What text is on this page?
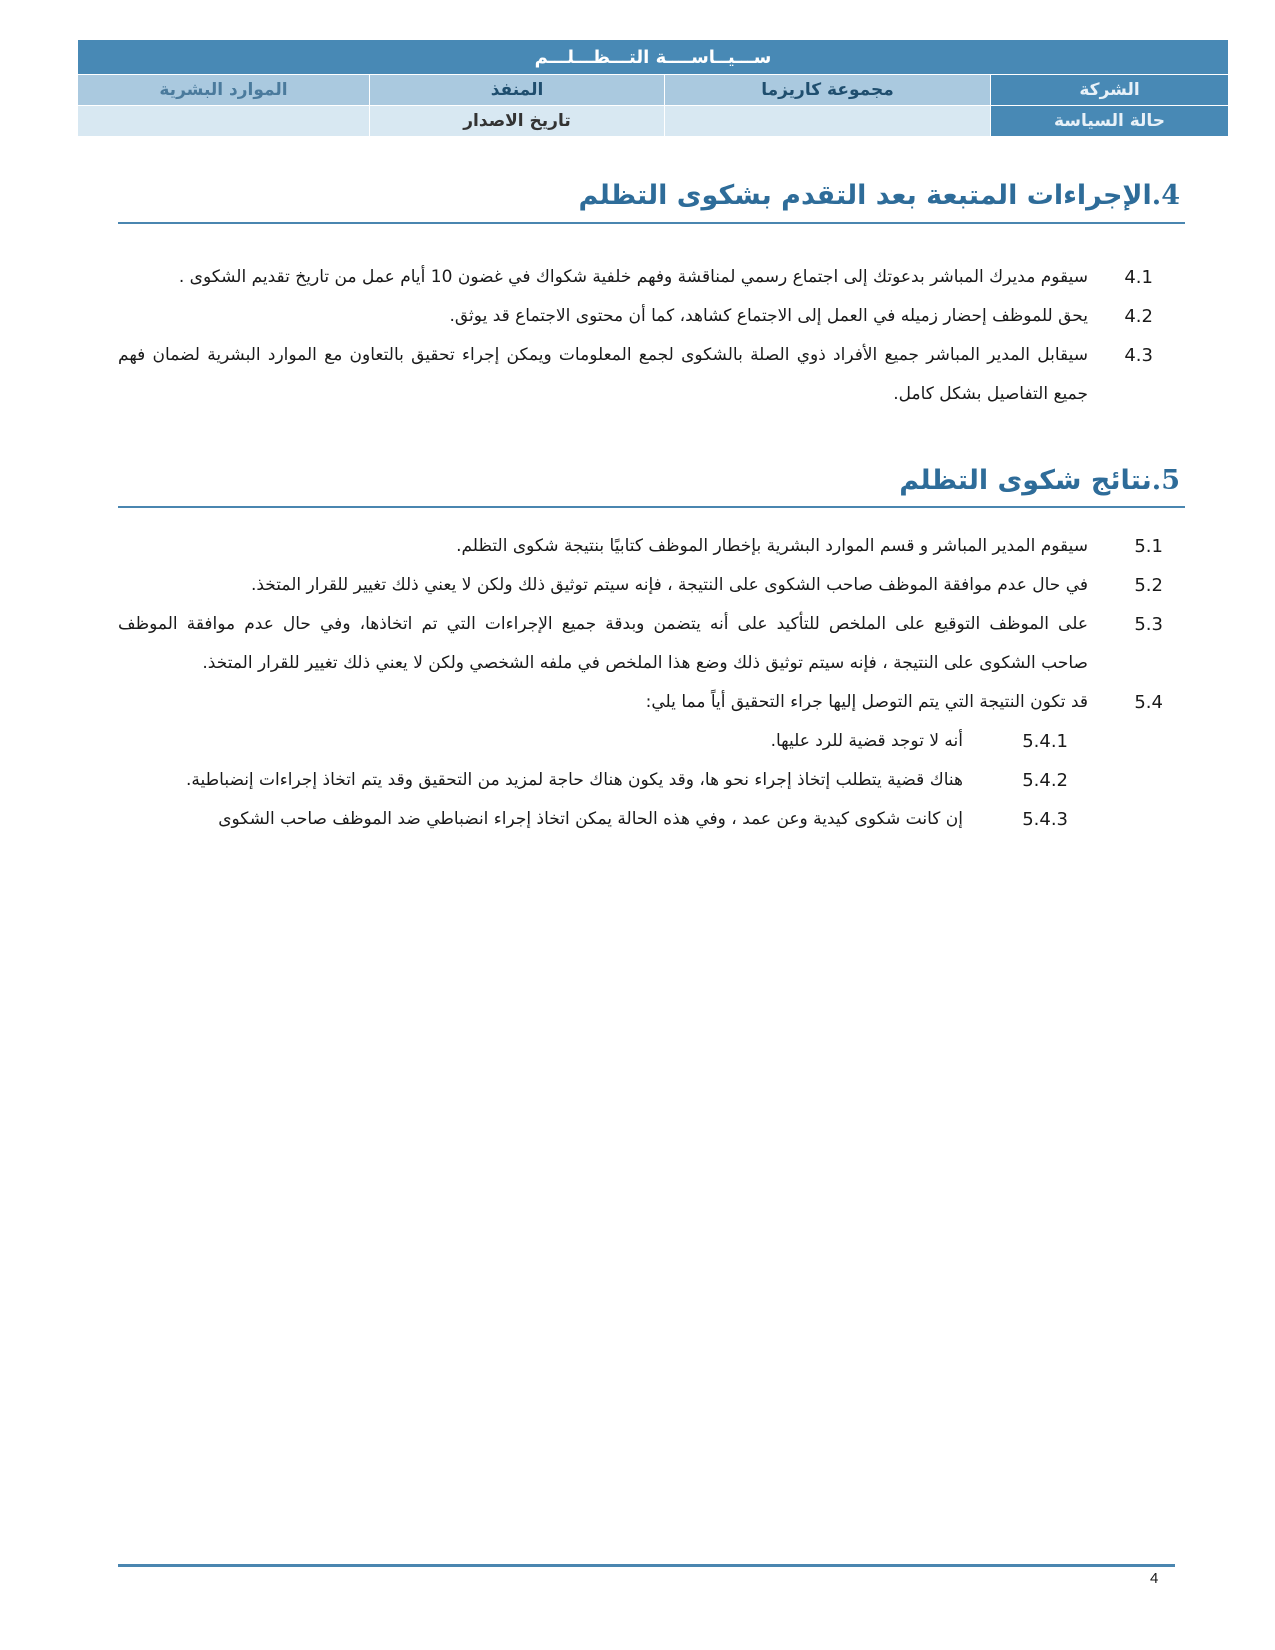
ســـيــاســــة التـــظـــلـــم			
الموارد البشرية	المنفذ	مجموعة كاريزما	الشركة
	تاريخ الاصدار		حالة السياسة
4.الإجراءات المتبعة بعد التقدم بشكوى التظلم
4.1
سيقوم مديرك المباشر بدعوتك إلى اجتماع رسمي لمناقشة وفهم خلفية شكواك في غضون 10 أيام عمل من تاريخ تقديم الشكوى .
4.2
يحق للموظف إحضار زميله في العمل إلى الاجتماع كشاهد، كما أن محتوى الاجتماع قد يوثق.
4.3
سيقابل المدير المباشر جميع الأفراد ذوي الصلة بالشكوى لجمع المعلومات ويمكن إجراء تحقيق بالتعاون مع الموارد البشرية لضمان فهم
جميع التفاصيل بشكل كامل.
5.نتائج شكوى التظلم
5.1
سيقوم المدير المباشر و قسم الموارد البشرية بإخطار الموظف كتابيًا بنتيجة شكوى التظلم.
5.2
في حال عدم موافقة الموظف صاحب الشكوى على النتيجة ، فإنه سيتم توثيق ذلك ولكن لا يعني ذلك تغيير للقرار المتخذ.
5.3
على الموظف التوقيع على الملخص للتأكيد على أنه يتضمن وبدقة جميع الإجراءات التي تم اتخاذها، وفي حال عدم موافقة الموظف
صاحب الشكوى على النتيجة ، فإنه سيتم توثيق ذلك وضع هذا الملخص في ملفه الشخصي ولكن لا يعني ذلك تغيير للقرار المتخذ.
5.4
قد تكون النتيجة التي يتم التوصل إليها جراء التحقيق أياً مما يلي:
5.4.1
أنه لا توجد قضية للرد عليها.
5.4.2
هناك قضية يتطلب إتخاذ إجراء نحو ها، وقد يكون هناك حاجة لمزيد من التحقيق وقد يتم اتخاذ إجراءات إنضباطية.
5.4.3
إن كانت شكوى كيدية وعن عمد ، وفي هذه الحالة يمكن اتخاذ إجراء انضباطي ضد الموظف صاحب الشكوى
4
